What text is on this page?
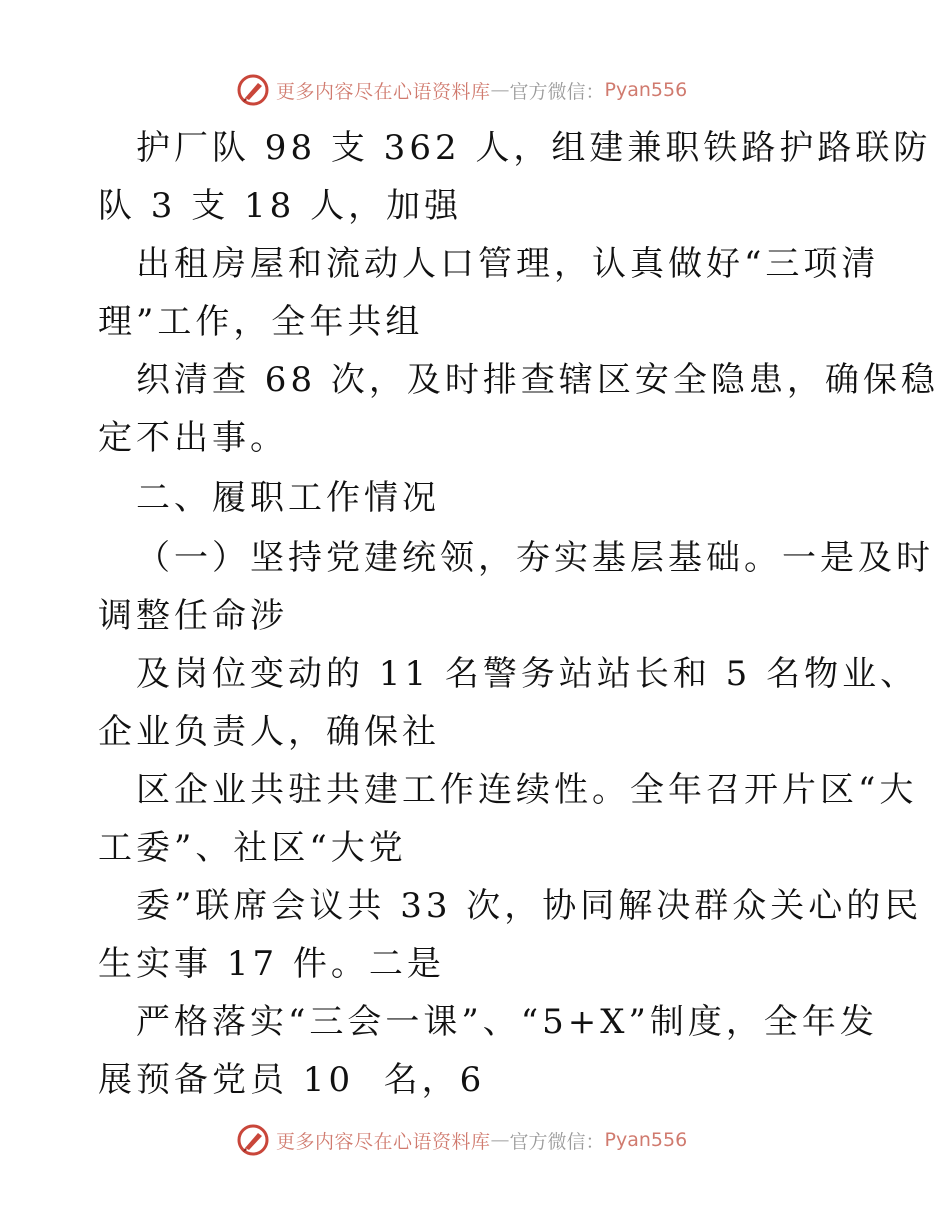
更多内容尽在心语资料库 — 官方微信： Pyan556
护厂队 98 支 362 人，组建兼职铁路护路联防
队 3 支 18 人，加强
出租房屋和流动人口管理，认真做好“三项清
理”工作，全年共组
织清查 68 次，及时排查辖区安全隐患，确保稳
定不出事。
二、履职工作情况
（一）坚持党建统领，夯实基层基础。一是及时
调整任命涉
及岗位变动的 11 名警务站站长和 5 名物业、
企业负责人，确保社
区企业共驻共建工作连续性。全年召开片区“大
工委”、社区“大党
委”联席会议共 33 次，协同解决群众关心的民
生实事 17 件。二是
严格落实“三会一课”、“5+X”制度，全年发
展预备党员 10  名，6
更多内容尽在心语资料库 — 官方微信： Pyan556
